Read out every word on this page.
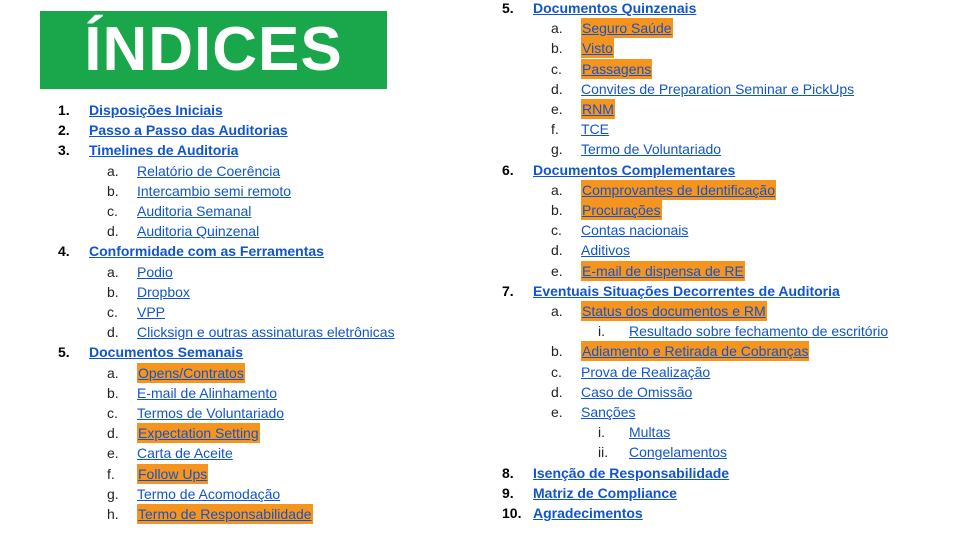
ÍNDICES
1. Disposições Iniciais
2. Passo a Passo das Auditorias
3. Timelines de Auditoria
a. Relatório de Coerência
b. Intercambio semi remoto
c. Auditoria Semanal
d. Auditoria Quinzenal
4. Conformidade com as Ferramentas
a. Podio
b. Dropbox
c. VPP
d. Clicksign e outras assinaturas eletrônicas
5. Documentos Semanais
a. Opens/Contratos
b. E-mail de Alinhamento
c. Termos de Voluntariado
d. Expectation Setting
e. Carta de Aceite
f. Follow Ups
g. Termo de Acomodação
h. Termo de Responsabilidade
5. Documentos Quinzenais
a. Seguro Saúde
b. Visto
c. Passagens
d. Convites de Preparation Seminar e PickUps
e. RNM
f. TCE
g. Termo de Voluntariado
6. Documentos Complementares
a. Comprovantes de Identificação
b. Procurações
c. Contas nacionais
d. Aditivos
e. E-mail de dispensa de RE
7. Eventuais Situações Decorrentes de Auditoria
a. Status dos documentos e RM
i. Resultado sobre fechamento de escritório
b. Adiamento e Retirada de Cobranças
c. Prova de Realização
d. Caso de Omissão
e. Sanções
i. Multas
ii. Congelamentos
8. Isenção de Responsabilidade
9. Matriz de Compliance
10. Agradecimentos
